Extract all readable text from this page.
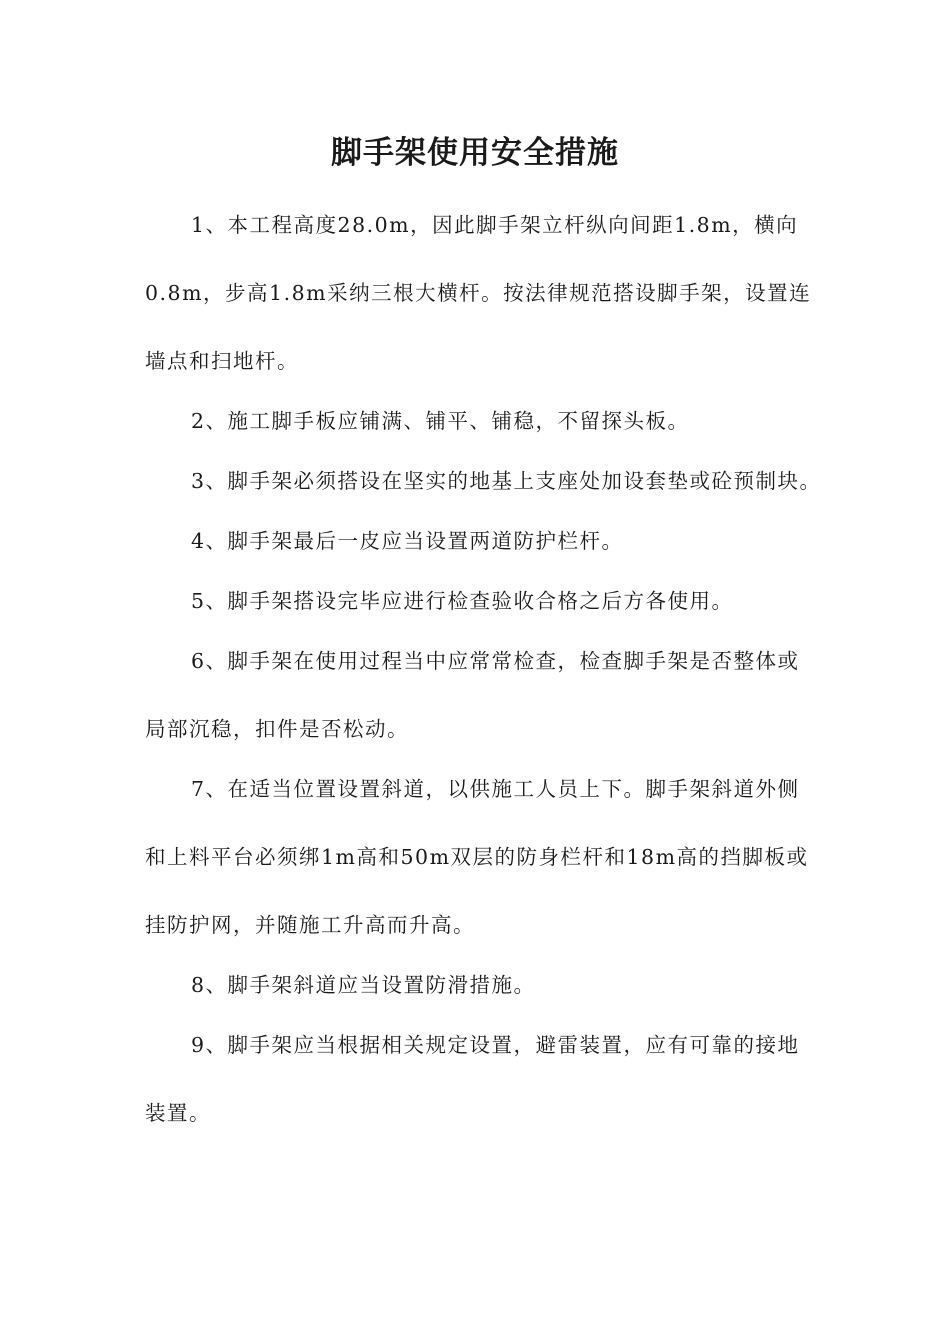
脚手架使用安全措施

1、本工程高度28.0m，因此脚手架立杆纵向间距1.8m，横向

0.8m，步高1.8m采纳三根大横杆。按法律规范搭设脚手架，设置连

墙点和扫地杆。

2、施工脚手板应铺满、铺平、铺稳，不留探头板。

3、脚手架必须搭设在坚实的地基上支座处加设套垫或砼预制块。

4、脚手架最后一皮应当设置两道防护栏杆。

5、脚手架搭设完毕应进行检查验收合格之后方各使用。

6、脚手架在使用过程当中应常常检查，检查脚手架是否整体或

局部沉稳，扣件是否松动。

7、在适当位置设置斜道，以供施工人员上下。脚手架斜道外侧

和上料平台必须绑1m高和50m双层的防身栏杆和18m高的挡脚板或

挂防护网，并随施工升高而升高。

8、脚手架斜道应当设置防滑措施。

9、脚手架应当根据相关规定设置，避雷装置，应有可靠的接地

装置。
